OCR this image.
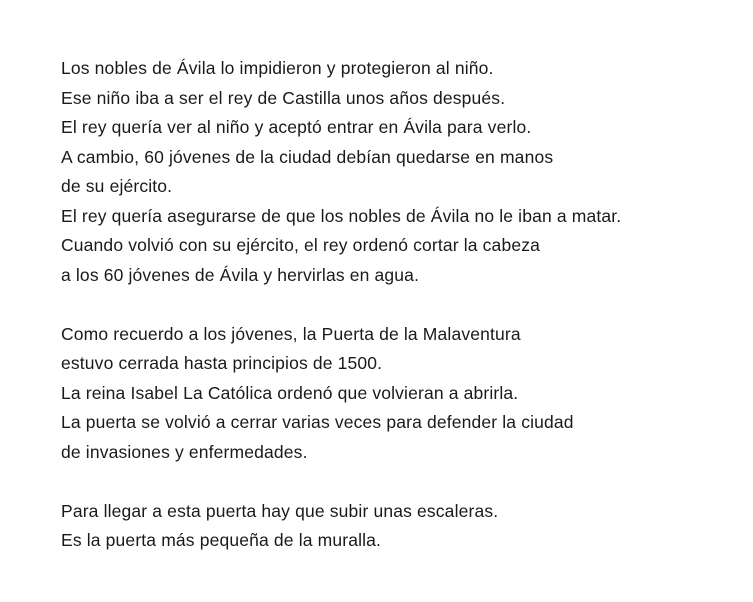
Los nobles de Ávila lo impidieron y protegieron al niño.
Ese niño iba a ser el rey de Castilla unos años después.
El rey quería ver al niño y aceptó entrar en Ávila para verlo.
A cambio, 60 jóvenes de la ciudad debían quedarse en manos
de su ejército.
El rey quería asegurarse de que los nobles de Ávila no le iban a matar.
Cuando volvió con su ejército, el rey ordenó cortar la cabeza
a los 60 jóvenes de Ávila y hervirlas en agua.
Como recuerdo a los jóvenes, la Puerta de la Malaventura
estuvo cerrada hasta principios de 1500.
La reina Isabel La Católica ordenó que volvieran a abrirla.
La puerta se volvió a cerrar varias veces para defender la ciudad
de invasiones y enfermedades.
Para llegar a esta puerta hay que subir unas escaleras.
Es la puerta más pequeña de la muralla.
